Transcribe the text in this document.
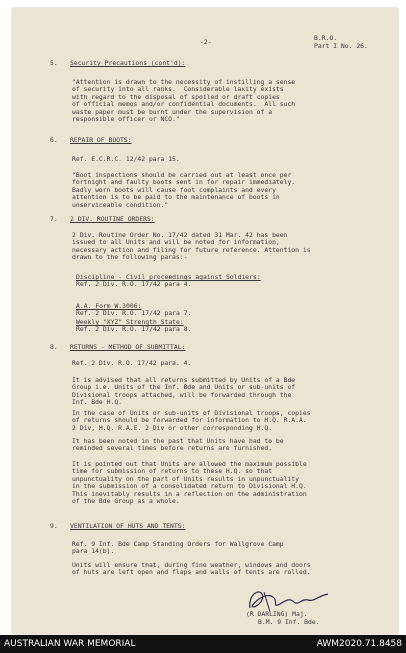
-2-	B.R.O.
Part I No. 26.
5. Security Precautions (cont'd):
"Attention is drawn to the necessity of instilling a sense
of security into all ranks.  Considerable laxity exists
with regard to the disposal of spoiled or draft copies
of official memos and/or confidential documents.  All such
waste paper must be burnt under the supervision of a
responsible officer or NCO."
6. REPAIR OF BOOTS:
Ref. E.C.R.C. 12/42 para 15.
"Boot inspections should be carried out at least once per
fortnight and faulty boots sent in for repair immediately.
Badly worn boots will cause foot complaints and every
attention is to be paid to the maintenance of boots in
unserviceable condition."
7. 2 DIV. ROUTINE ORDERS:
2 Div. Routine Order No. 17/42 dated 31 Mar. 42 has been
issued to all Units and will be noted for information,
necessary action and filing for future reference. Attention is
drawn to the following paras:-
Discipline - Civil proceedings against Soldiers:
Ref. 2 Div. R.O. 17/42 para 4.
A.A. Form W.3006:
Ref. 2 Div. R.O. 17/42 para 7.
Weekly "XYZ" Strength State:
Ref. 2 Div. R.O. 17/42 para 8.
8. RETURNS - METHOD OF SUBMITTAL:
Ref. 2 Div. R.O. 17/42 para. 4.
It is advised that all returns submitted by Units of a Bde
Group i.e. Units of the Inf. Bde and Units or sub-units of
Divisional troops attached, will be forwarded through the
Inf. Bde H.Q.
In the case of Units or sub-units of Divisional troops, copies
of returns should be forwarded for information to H.Q. R.A.A.
2 Div, H.Q. R.A.E. 2 Div or other corresponding H.Q.
It has been noted in the past that Units have had to be
reminded several times before returns are furnished.
It is pointed out that Units are allowed the maximum possible
time for submission of returns to these H.Q. so that
unpunctuality on the part of Units results in unpunctuality
in the submission of a consolidated return to Divisional H.Q.
This inevitably results in a reflection on the administration
of the Bde Group as a whole.
9. VENTILATION OF HUTS AND TENTS:
Ref. 9 Inf. Bde Camp Standing Orders for Wallgrove Camp
para 14(b).
Units will ensure that, during fine weather, windows and doors
of huts are left open and flaps and walls of tents are rolled.
(R DARLING) Maj.
B.M. 9 Inf. Bde.
AUSTRALIAN WAR MEMORIAL	AWM2020.71.8458
